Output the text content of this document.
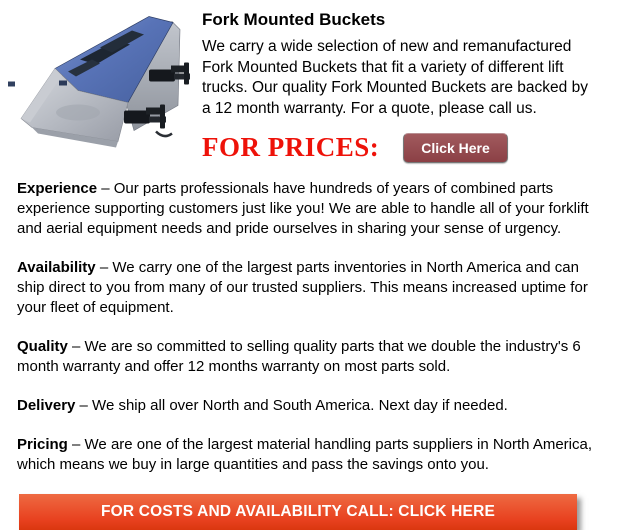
Fork Mounted Buckets

We carry a wide selection of new and remanufactured Fork Mounted Buckets that fit a variety of different lift trucks. Our quality Fork Mounted Buckets are backed by a 12 month warranty. For a quote, please call us.

FOR PRICES:	Click Here

Experience – Our parts professionals have hundreds of years of combined parts experience supporting customers just like you! We are able to handle all of your forklift and aerial equipment needs and pride ourselves in sharing your sense of urgency.

Availability – We carry one of the largest parts inventories in North America and can ship direct to you from many of our trusted suppliers. This means increased uptime for your fleet of equipment.

Quality – We are so committed to selling quality parts that we double the industry's 6 month warranty and offer 12 months warranty on most parts sold.

Delivery – We ship all over North and South America. Next day if needed.

Pricing – We are one of the largest material handling parts suppliers in North America, which means we buy in large quantities and pass the savings onto you.

FOR COSTS AND AVAILABILITY CALL: CLICK HERE
